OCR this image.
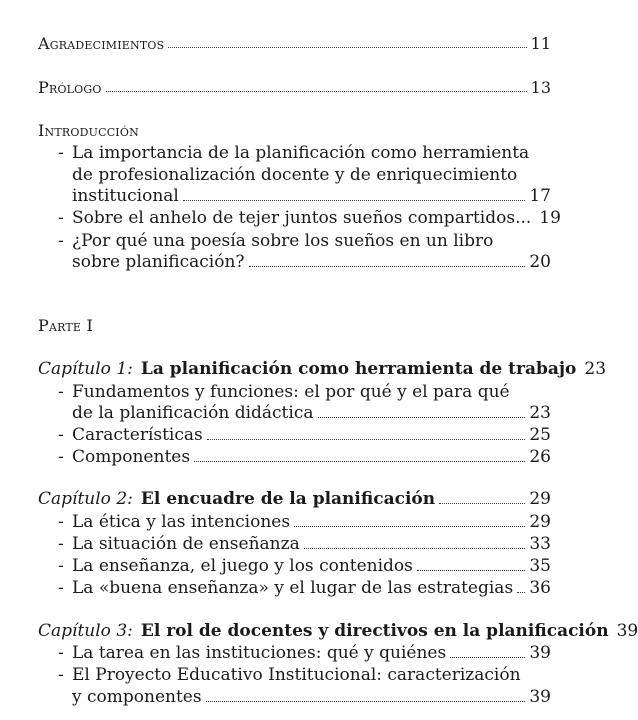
Agradecimientos	11
Prólogo	13
Introducción
- La importancia de la planificación como herramienta
de profesionalización docente y de enriquecimiento
institucional	17
- Sobre el anhelo de tejer juntos sueños compartidos... 19
- ¿Por qué una poesía sobre los sueños en un libro
sobre planificación?	20
Parte I
Capítulo 1: La planificación como herramienta de trabajo 23
- Fundamentos y funciones: el por qué y el para qué
de la planificación didáctica	23
- Características	25
- Componentes	26
Capítulo 2: El encuadre de la planificación	29
- La ética y las intenciones	29
- La situación de enseñanza	33
- La enseñanza, el juego y los contenidos	35
- La «buena enseñanza» y el lugar de las estrategias 36
Capítulo 3: El rol de docentes y directivos en la planificación 39
- La tarea en las instituciones: qué y quiénes	39
- El Proyecto Educativo Institucional: caracterización
y componentes	39
